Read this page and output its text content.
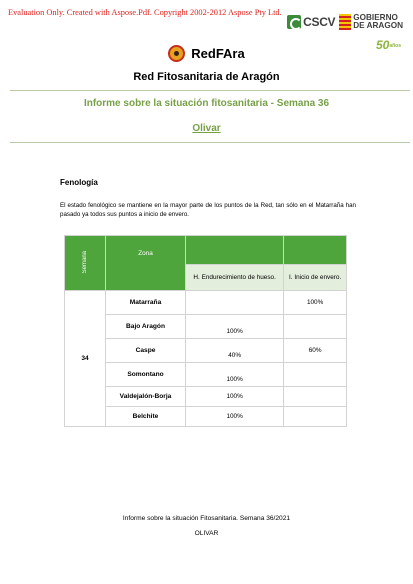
Evaluation Only. Created with Aspose.Pdf. Copyright 2002-2012 Aspose Pty Ltd.
CSCV GOBIERNO
DE ARAGON
50años
RedFAra
Red Fitosanitaria de Aragón
Informe sobre la situación fitosanitaria - Semana 36
Olivar
Fenología
El estado fenológico se mantiene en la mayor parte de los puntos de la Red, tan sólo en el Matarraña han pasado ya todos sus puntos a inicio de envero.
Semana	Zona		
		H. Endurecimiento de hueso.	I. Inicio de envero.
34	Matarraña		100%
	Bajo Aragón	100%	
	Caspe	40%	60%
	Somontano	100%	
	Valdejalón-Borja	100%	
	Belchite	100%	
Informe sobre la situación Fitosanitaria. Semana 36/2021
OLIVAR
